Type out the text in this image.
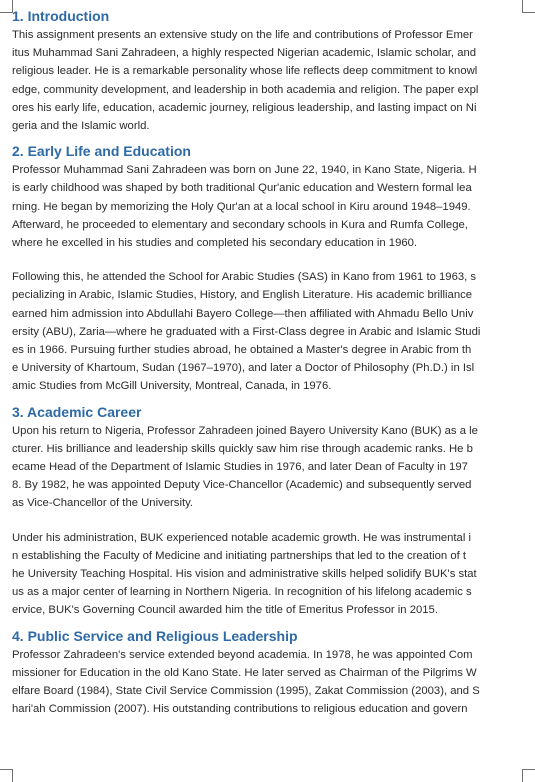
1. Introduction

This assignment presents an extensive study on the life and contributions of Professor Emer
itus Muhammad Sani Zahradeen, a highly respected Nigerian academic, Islamic scholar, and
religious leader. He is a remarkable personality whose life reflects deep commitment to knowl
edge, community development, and leadership in both academia and religion. The paper expl
ores his early life, education, academic journey, religious leadership, and lasting impact on Ni
geria and the Islamic world.

2. Early Life and Education

Professor Muhammad Sani Zahradeen was born on June 22, 1940, in Kano State, Nigeria. H
is early childhood was shaped by both traditional Qur'anic education and Western formal lea
rning. He began by memorizing the Holy Qur'an at a local school in Kiru around 1948–1949.
Afterward, he proceeded to elementary and secondary schools in Kura and Rumfa College,
where he excelled in his studies and completed his secondary education in 1960.

Following this, he attended the School for Arabic Studies (SAS) in Kano from 1961 to 1963, s
pecializing in Arabic, Islamic Studies, History, and English Literature. His academic brilliance
earned him admission into Abdullahi Bayero College—then affiliated with Ahmadu Bello Univ
ersity (ABU), Zaria—where he graduated with a First-Class degree in Arabic and Islamic Studi
es in 1966. Pursuing further studies abroad, he obtained a Master's degree in Arabic from th
e University of Khartoum, Sudan (1967–1970), and later a Doctor of Philosophy (Ph.D.) in Isl
amic Studies from McGill University, Montreal, Canada, in 1976.

3. Academic Career

Upon his return to Nigeria, Professor Zahradeen joined Bayero University Kano (BUK) as a le
cturer. His brilliance and leadership skills quickly saw him rise through academic ranks. He b
ecame Head of the Department of Islamic Studies in 1976, and later Dean of Faculty in 197
8. By 1982, he was appointed Deputy Vice-Chancellor (Academic) and subsequently served
as Vice-Chancellor of the University.

Under his administration, BUK experienced notable academic growth. He was instrumental i
n establishing the Faculty of Medicine and initiating partnerships that led to the creation of t
he University Teaching Hospital. His vision and administrative skills helped solidify BUK's stat
us as a major center of learning in Northern Nigeria. In recognition of his lifelong academic s
ervice, BUK's Governing Council awarded him the title of Emeritus Professor in 2015.

4. Public Service and Religious Leadership

Professor Zahradeen's service extended beyond academia. In 1978, he was appointed Com
missioner for Education in the old Kano State. He later served as Chairman of the Pilgrims W
elfare Board (1984), State Civil Service Commission (1995), Zakat Commission (2003), and S
hari'ah Commission (2007). His outstanding contributions to religious education and govern
